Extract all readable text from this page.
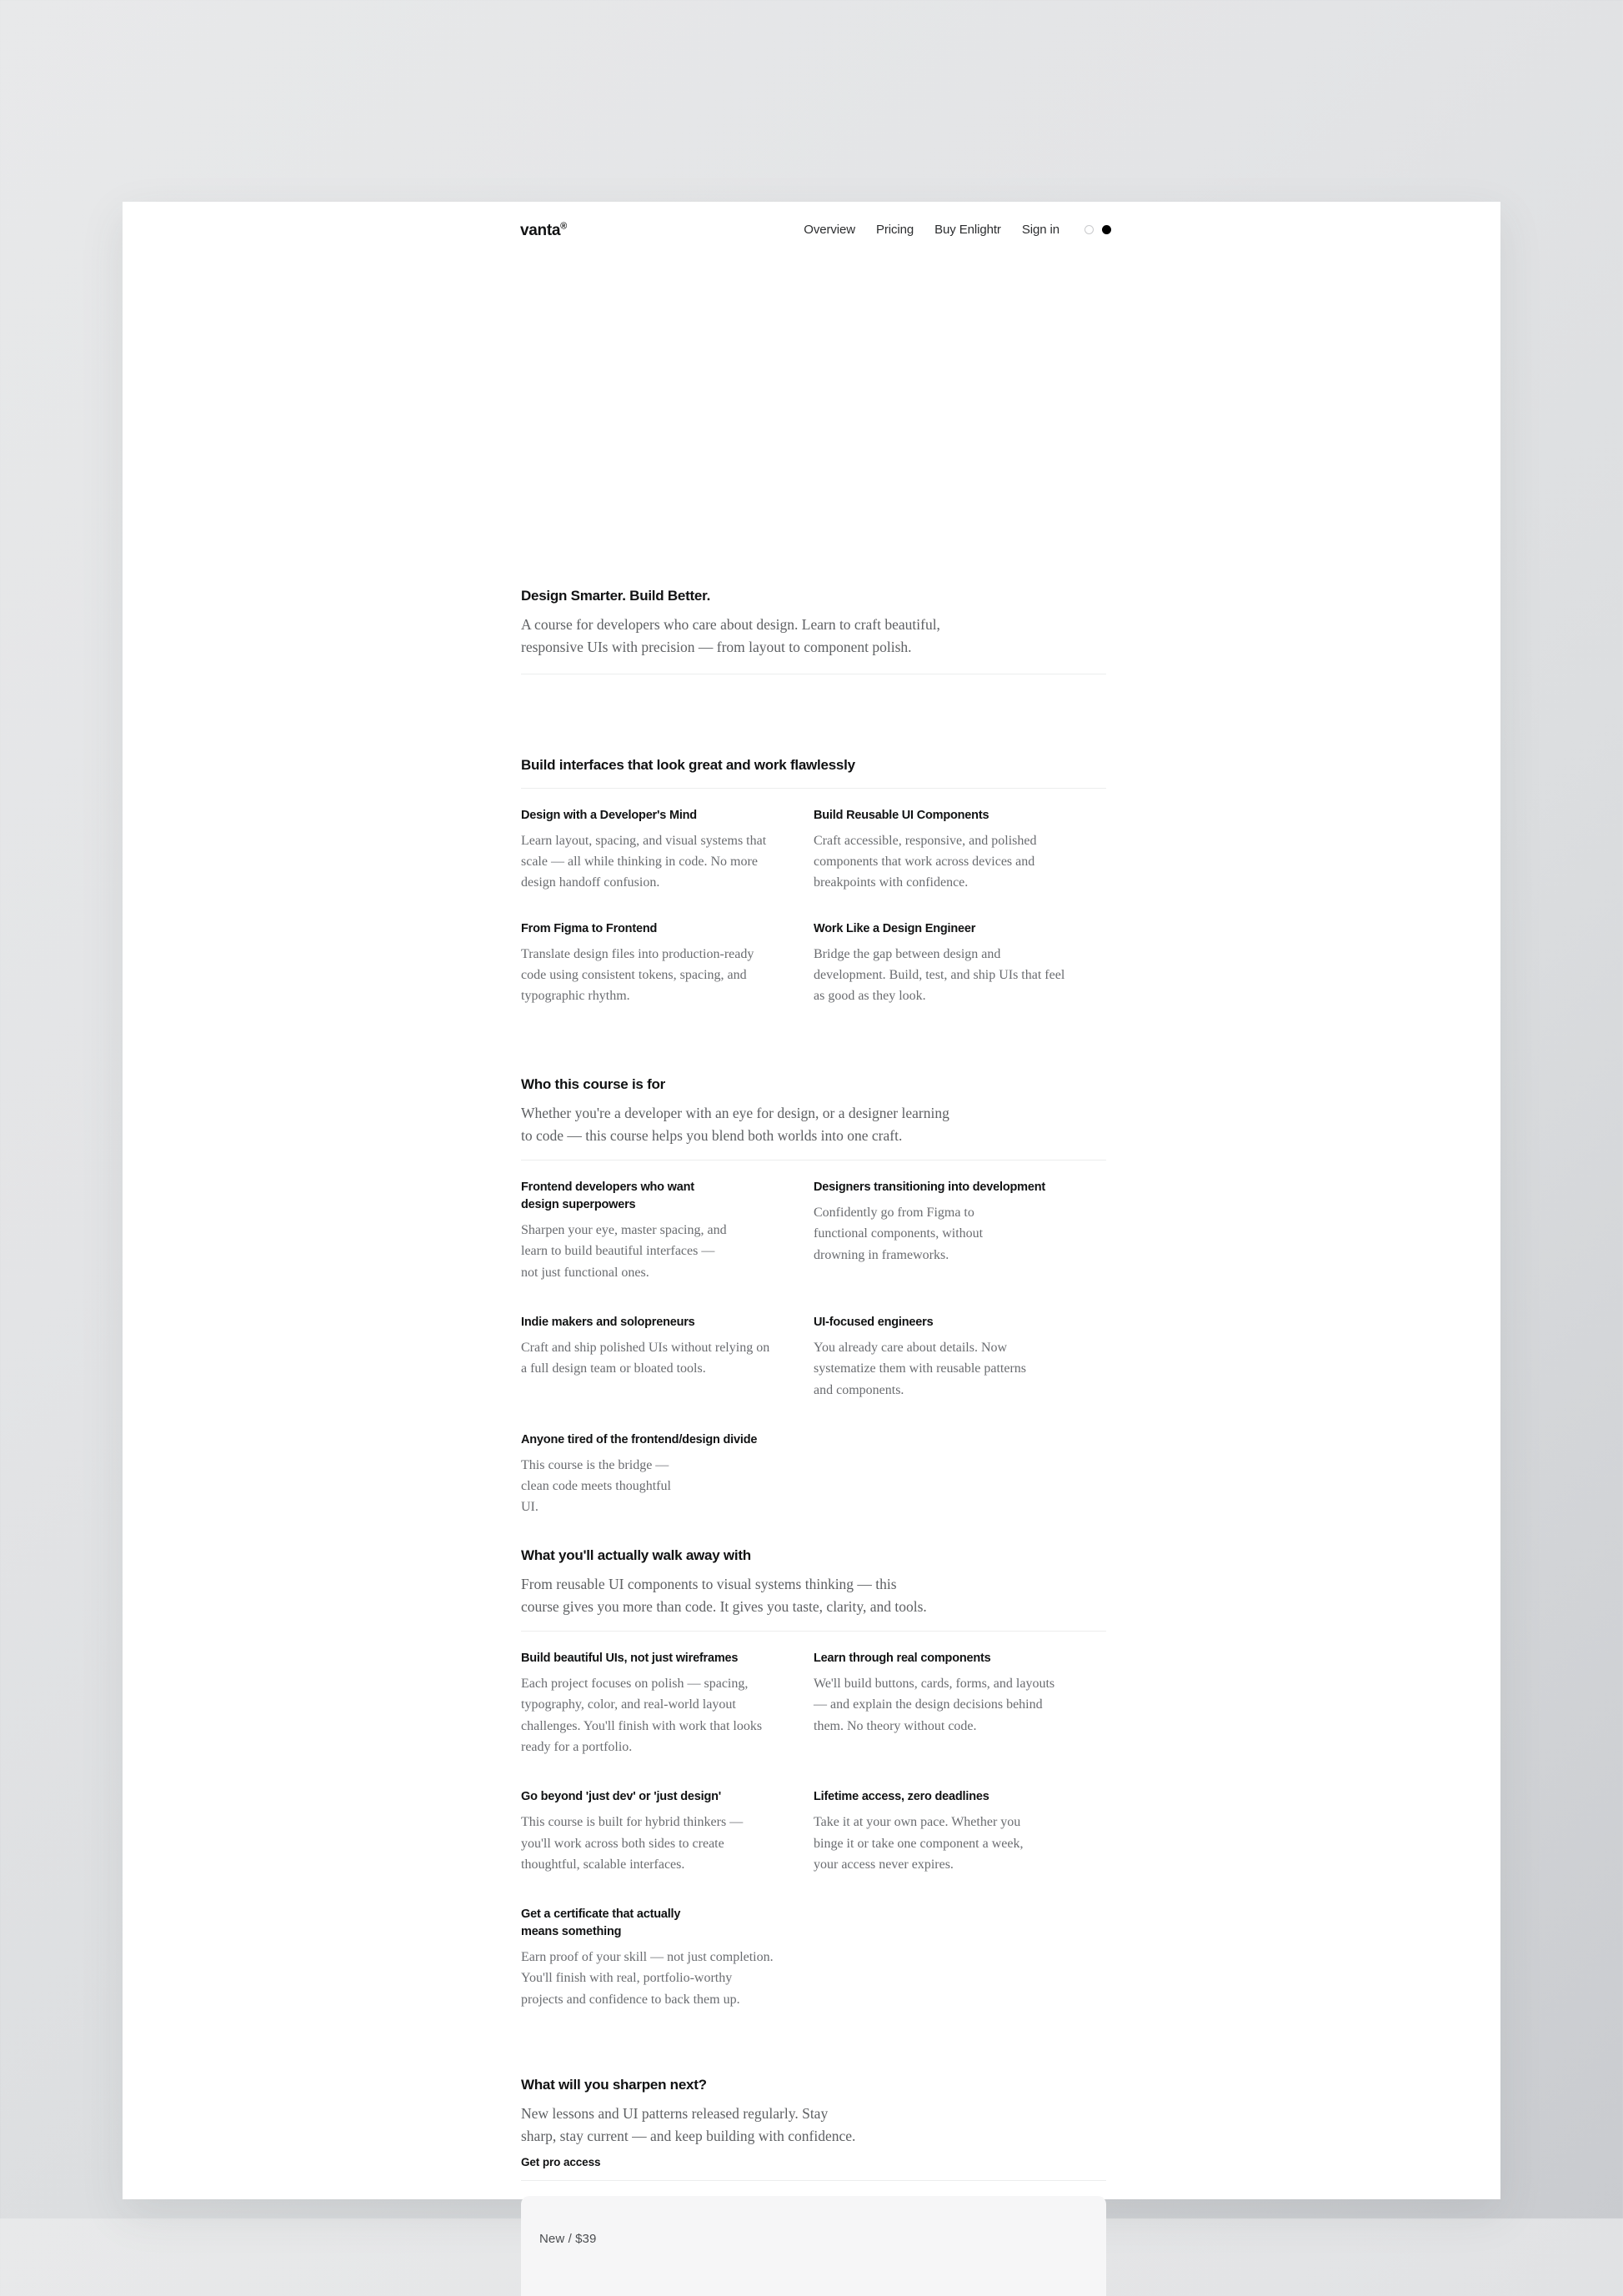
vanta®	Overview Pricing Buy Enlightr Sign in
Design Smarter. Build Better.

A course for developers who care about design. Learn to craft beautiful,

responsive UIs with precision — from layout to component polish.

Build interfaces that look great and work flawlessly

Design with a Developer's Mind

Learn layout, spacing, and visual systems that scale — all while thinking in code. No more design handoff confusion.

Build Reusable UI Components

Craft accessible, responsive, and polished components that work across devices and breakpoints with confidence.

From Figma to Frontend

Translate design files into production-ready code using consistent tokens, spacing, and typographic rhythm.

Work Like a Design Engineer

Bridge the gap between design and development. Build, test, and ship UIs that feel as good as they look.

Who this course is for

Whether you're a developer with an eye for design, or a designer learning

to code — this course helps you blend both worlds into one craft.

Frontend developers who want design superpowers

Sharpen your eye, master spacing, and learn to build beautiful interfaces — not just functional ones.

Designers transitioning into development

Confidently go from Figma to functional components, without drowning in frameworks.

Indie makers and solopreneurs

Craft and ship polished UIs without relying on a full design team or bloated tools.

UI-focused engineers

You already care about details. Now systematize them with reusable patterns and components.

Anyone tired of the frontend/design divide

This course is the bridge — clean code meets thoughtful UI.

What you'll actually walk away with

From reusable UI components to visual systems thinking — this

course gives you more than code. It gives you taste, clarity, and tools.

Build beautiful UIs, not just wireframes

Each project focuses on polish — spacing, typography, color, and real-world layout challenges. You'll finish with work that looks ready for a portfolio.

Learn through real components

We'll build buttons, cards, forms, and layouts — and explain the design decisions behind them. No theory without code.

Go beyond 'just dev' or 'just design'

This course is built for hybrid thinkers — you'll work across both sides to create thoughtful, scalable interfaces.

Lifetime access, zero deadlines

Take it at your own pace. Whether you binge it or take one component a week, your access never expires.

Get a certificate that actually means something

Earn proof of your skill — not just completion. You'll finish with real, portfolio-worthy projects and confidence to back them up.

What will you sharpen next?

New lessons and UI patterns released regularly. Stay

sharp, stay current — and keep building with confidence.

Get pro access

New / $39
